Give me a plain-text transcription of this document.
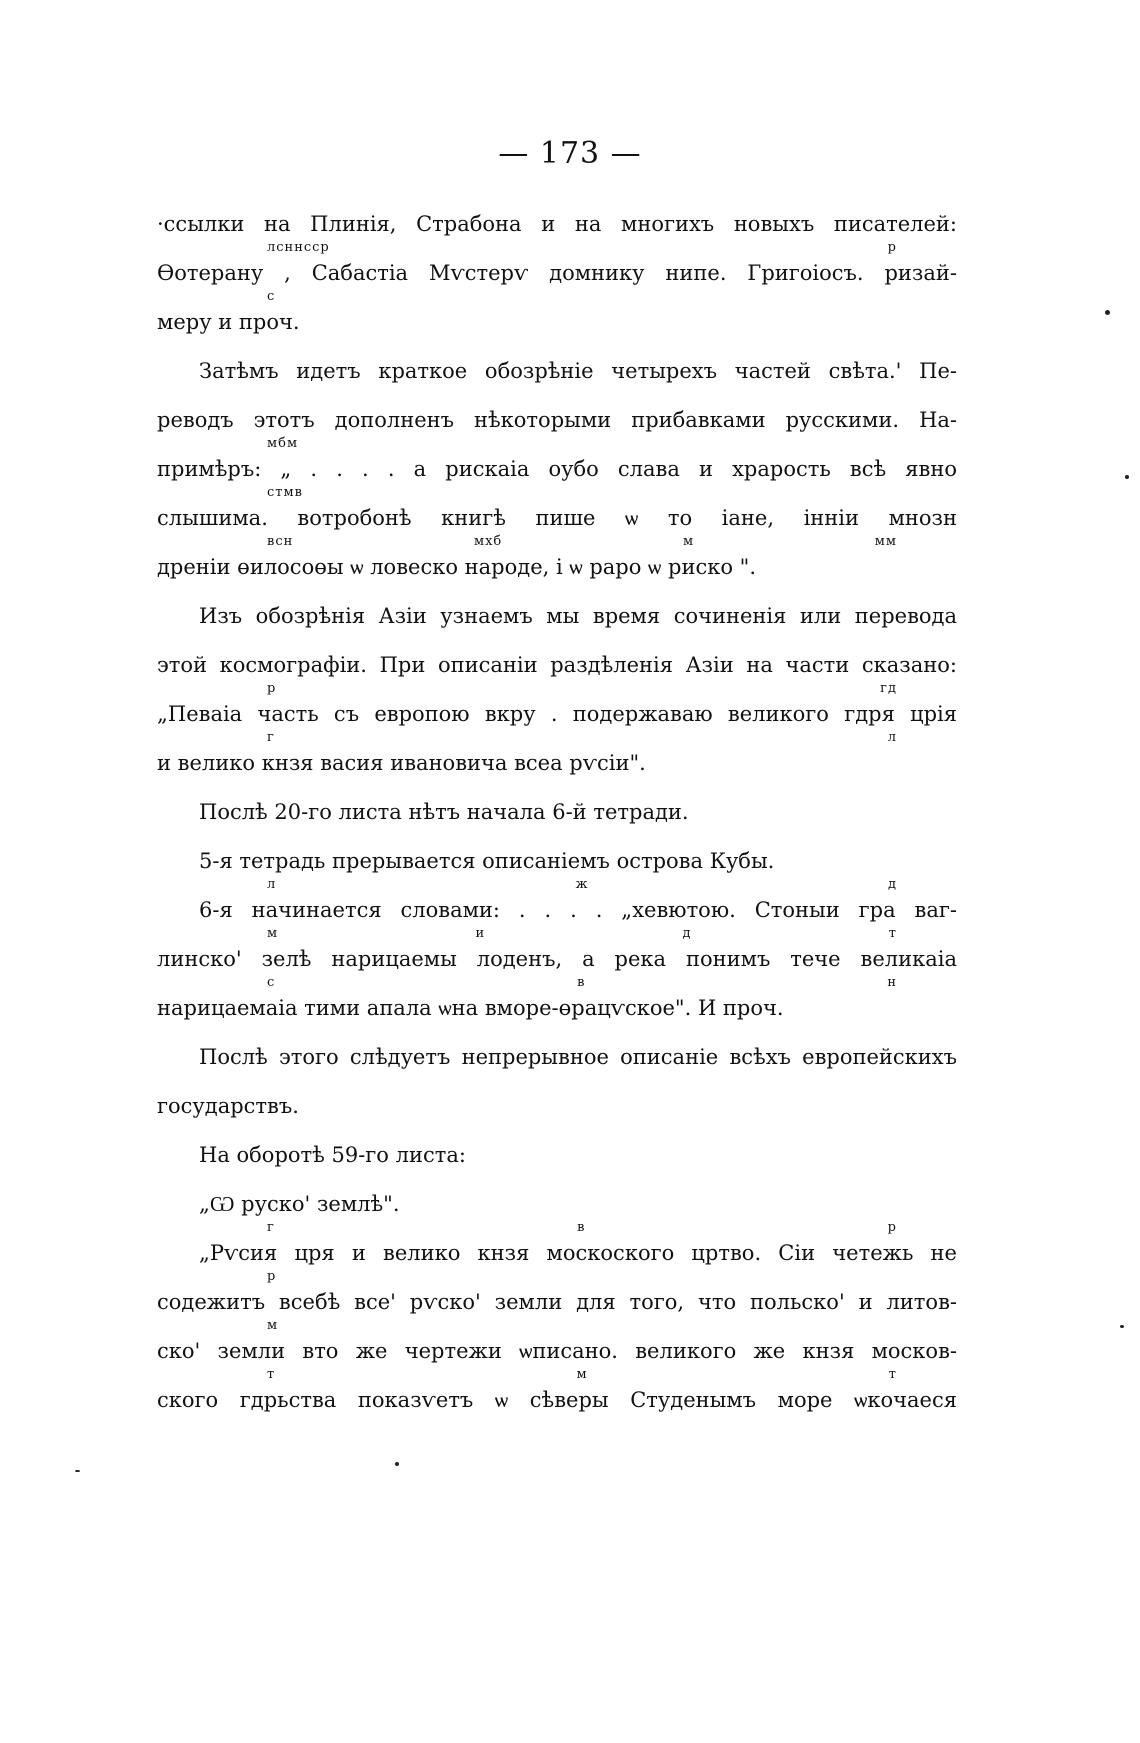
— 173 —
·ссылки на Плинія, Страбона и на многихъ новыхъ писателей:
лсннсср р
Өотерану , Сабастіа Мѵстерѵ домнику нипе. Григоіосъ. ризай-
с
меру и проч.
Затѣмъ идетъ краткое обозрѣніе четырехъ частей свѣта.' Пе-
реводъ этотъ дополненъ нѣкоторыми прибавками русскими. На-
мбм
примѣръ: „ . . . . а рискаіа оубо слава и храрость всѣ явно
стмв
слышима. вотробонѣ книгѣ пише ѡ то іане, інніи мнозн
всн мхб м мм
дреніи өилосоөы ѡ ловеско народе, і ѡ раро ѡ риско ".
Изъ обозрѣнія Азіи узнаемъ мы время сочиненія или перевода
этой космографіи. При описаніи раздѣленія Азіи на части сказано:
р гд
„Певаіа часть съ европою вкру . подержаваю великого гдря црія
г л
и велико кнзя васия ивановича всеа рѵсіи".
Послѣ 20-го листа нѣтъ начала 6-й тетради.
5-я тетрадь прерывается описаніемъ острова Кубы.
л ж д
6-я начинается словами: . . . . „хевютою. Стоныи гра ваг-
м и д т
линско' зелѣ нарицаемы лоденъ, а река понимъ тече великаіа
с в н
нарицаемаіа тими апала ѡна вморе-өрацѵское". И проч.
Послѣ этого слѣдуетъ непрерывное описаніе всѣхъ европейскихъ
государствъ.
На оборотѣ 59-го листа:
„Ѡ руско' землѣ".
г в р
„Рѵсия цря и велико кнзя москоского цртво. Сіи четежь не
р
содежитъ всебѣ все' рѵско' земли для того, что польско' и литов-
м
ско' земли вто же чертежи ѡписано. великого же кнзя москов-
т м т
ского гдрьства показѵетъ ѡ сѣверы Студенымъ море ѡкочаеся
